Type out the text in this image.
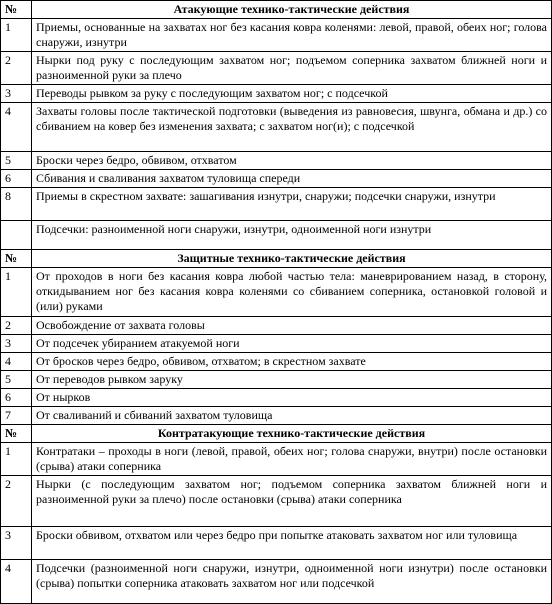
№	Атакующие технико-тактические действия
1	Приемы, основанные на захватах ног без касания ковра коленями: левой, правой, обеих ног; голова снаружи, изнутри
2	Нырки под руку с последующим захватом ног; подъемом соперника захватом ближней ноги и разноименной руки за плечо
3	Переводы рывком за руку с последующим захватом ног; с подсечкой
4	Захваты головы после тактической подготовки (выведения из равновесия, швунга, обмана и др.) со сбиванием на ковер без изменения захвата; с захватом ног(и); с подсечкой
5	Броски через бедро, обвивом, отхватом
6	Сбивания и сваливания захватом туловища спереди
8	Приемы в скрестном захвате: зашагивания изнутри, снаружи; подсечки снаружи, изнутри
	Подсечки: разноименной ноги снаружи, изнутри, одноименной ноги изнутри
№	Защитные технико-тактические действия
1	От проходов в ноги без касания ковра любой частью тела: маневрированием назад, в сторону, откидыванием ног без касания ковра коленями со сбиванием соперника, остановкой головой и (или) руками
2	Освобождение от захвата головы
3	От подсечек убиранием атакуемой ноги
4	От бросков через бедро, обвивом, отхватом; в скрестном захвате
5	От переводов рывком заруку
6	От нырков
7	От сваливаний и сбиваний захватом туловища
№	Контратакующие технико-тактические действия
1	Контратаки – проходы в ноги (левой, правой, обеих ног; голова снаружи, внутри) после остановки (срыва) атаки соперника
2	Нырки (с последующим захватом ног; подъемом соперника захватом ближней ноги и разноименной руки за плечо) после остановки (срыва) атаки соперника
3	Броски обвивом, отхватом или через бедро при попытке атаковать захватом ног или туловища
4	Подсечки (разноименной ноги снаружи, изнутри, одноименной ноги изнутри) после остановки (срыва) попытки соперника атаковать захватом ног или подсечкой
